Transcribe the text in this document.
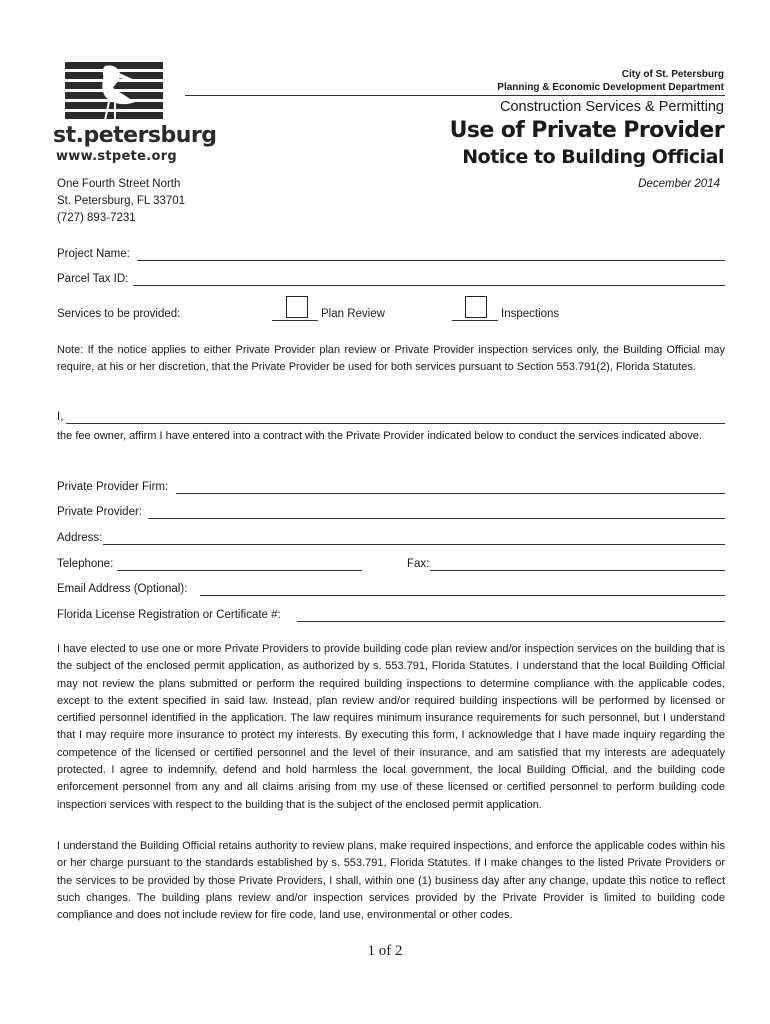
st.petersburg
www.stpete.org
City of St. Petersburg
Planning & Economic Development Department
Construction Services & Permitting
Use of Private Provider
Notice to Building Official
One Fourth Street North
St. Petersburg, FL 33701
(727) 893-7231
December 2014
Project Name:
Parcel Tax ID:
Services to be provided:	Plan Review	Inspections
Note: If the notice applies to either Private Provider plan review or Private Provider inspection services only, the Building Official may require, at his or her discretion, that the Private Provider be used for both services pursuant to Section 553.791(2), Florida Statutes.
I,
the fee owner, affirm I have entered into a contract with the Private Provider indicated below to conduct the services indicated above.
Private Provider Firm:
Private Provider:
Address:
Telephone:	Fax:
Email Address (Optional):
Florida License Registration or Certificate #:
I have elected to use one or more Private Providers to provide building code plan review and/or inspection services on the building that is the subject of the enclosed permit application, as authorized by s. 553.791, Florida Statutes. I understand that the local Building Official may not review the plans submitted or perform the required building inspections to determine compliance with the applicable codes, except to the extent specified in said law. Instead, plan review and/or required building inspections will be performed by licensed or certified personnel identified in the application. The law requires minimum insurance requirements for such personnel, but I understand that I may require more insurance to protect my interests. By executing this form, I acknowledge that I have made inquiry regarding the competence of the licensed or certified personnel and the level of their insurance, and am satisfied that my interests are adequately protected. I agree to indemnify, defend and hold harmless the local government, the local Building Official, and the building code enforcement personnel from any and all claims arising from my use of these licensed or certified personnel to perform building code inspection services with respect to the building that is the subject of the enclosed permit application.
I understand the Building Official retains authority to review plans, make required inspections, and enforce the applicable codes within his or her charge pursuant to the standards established by s. 553.791, Florida Statutes. If I make changes to the listed Private Providers or the services to be provided by those Private Providers, I shall, within one (1) business day after any change, update this notice to reflect such changes. The building plans review and/or inspection services provided by the Private Provider is limited to building code compliance and does not include review for fire code, land use, environmental or other codes.
1 of 2
